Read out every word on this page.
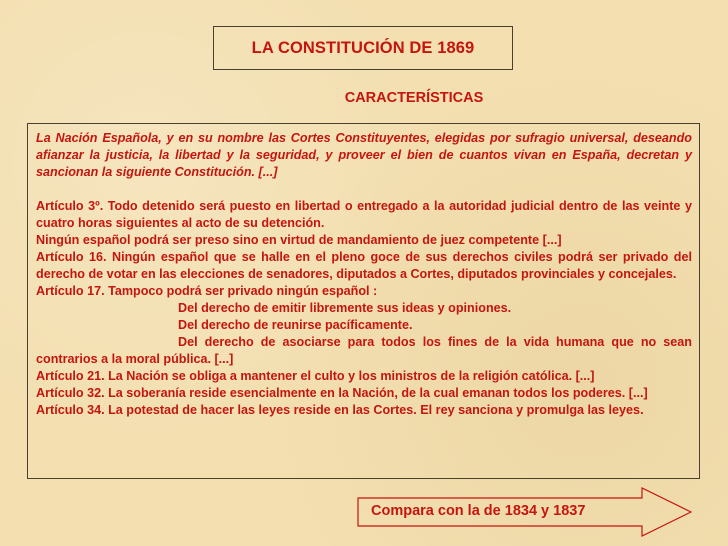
LA CONSTITUCIÓN DE 1869
CARACTERÍSTICAS

La Nación Española, y en su nombre las Cortes Constituyentes, elegidas por sufragio universal, deseando afianzar la justicia, la libertad y la seguridad, y proveer el bien de cuantos vivan en España, decretan y sancionan la siguiente Constitución. [...]

Artículo 3º. Todo detenido será puesto en libertad o entregado a la autoridad judicial dentro de las veinte y cuatro horas siguientes al acto de su detención.

Ningún español podrá ser preso sino en virtud de mandamiento de juez competente [...]

Artículo 16. Ningún español que se halle en el pleno goce de sus derechos civiles podrá ser privado del derecho de votar en las elecciones de senadores, diputados a Cortes, diputados provinciales y concejales.

Artículo 17. Tampoco podrá ser privado ningún español :

Del derecho de emitir libremente sus ideas y opiniones.

Del derecho de reunirse pacíficamente.

Del derecho de asociarse para todos los fines de la vida humana que no sean contrarios a la moral pública. [...]

Artículo 21. La Nación se obliga a mantener el culto y los ministros de la religión católica. [...]

Artículo 32. La soberanía reside esencialmente en la Nación, de la cual emanan todos los poderes. [...]

Artículo 34. La potestad de hacer las leyes reside en las Cortes. El rey sanciona y promulga las leyes.

Compara con la de 1834 y 1837
